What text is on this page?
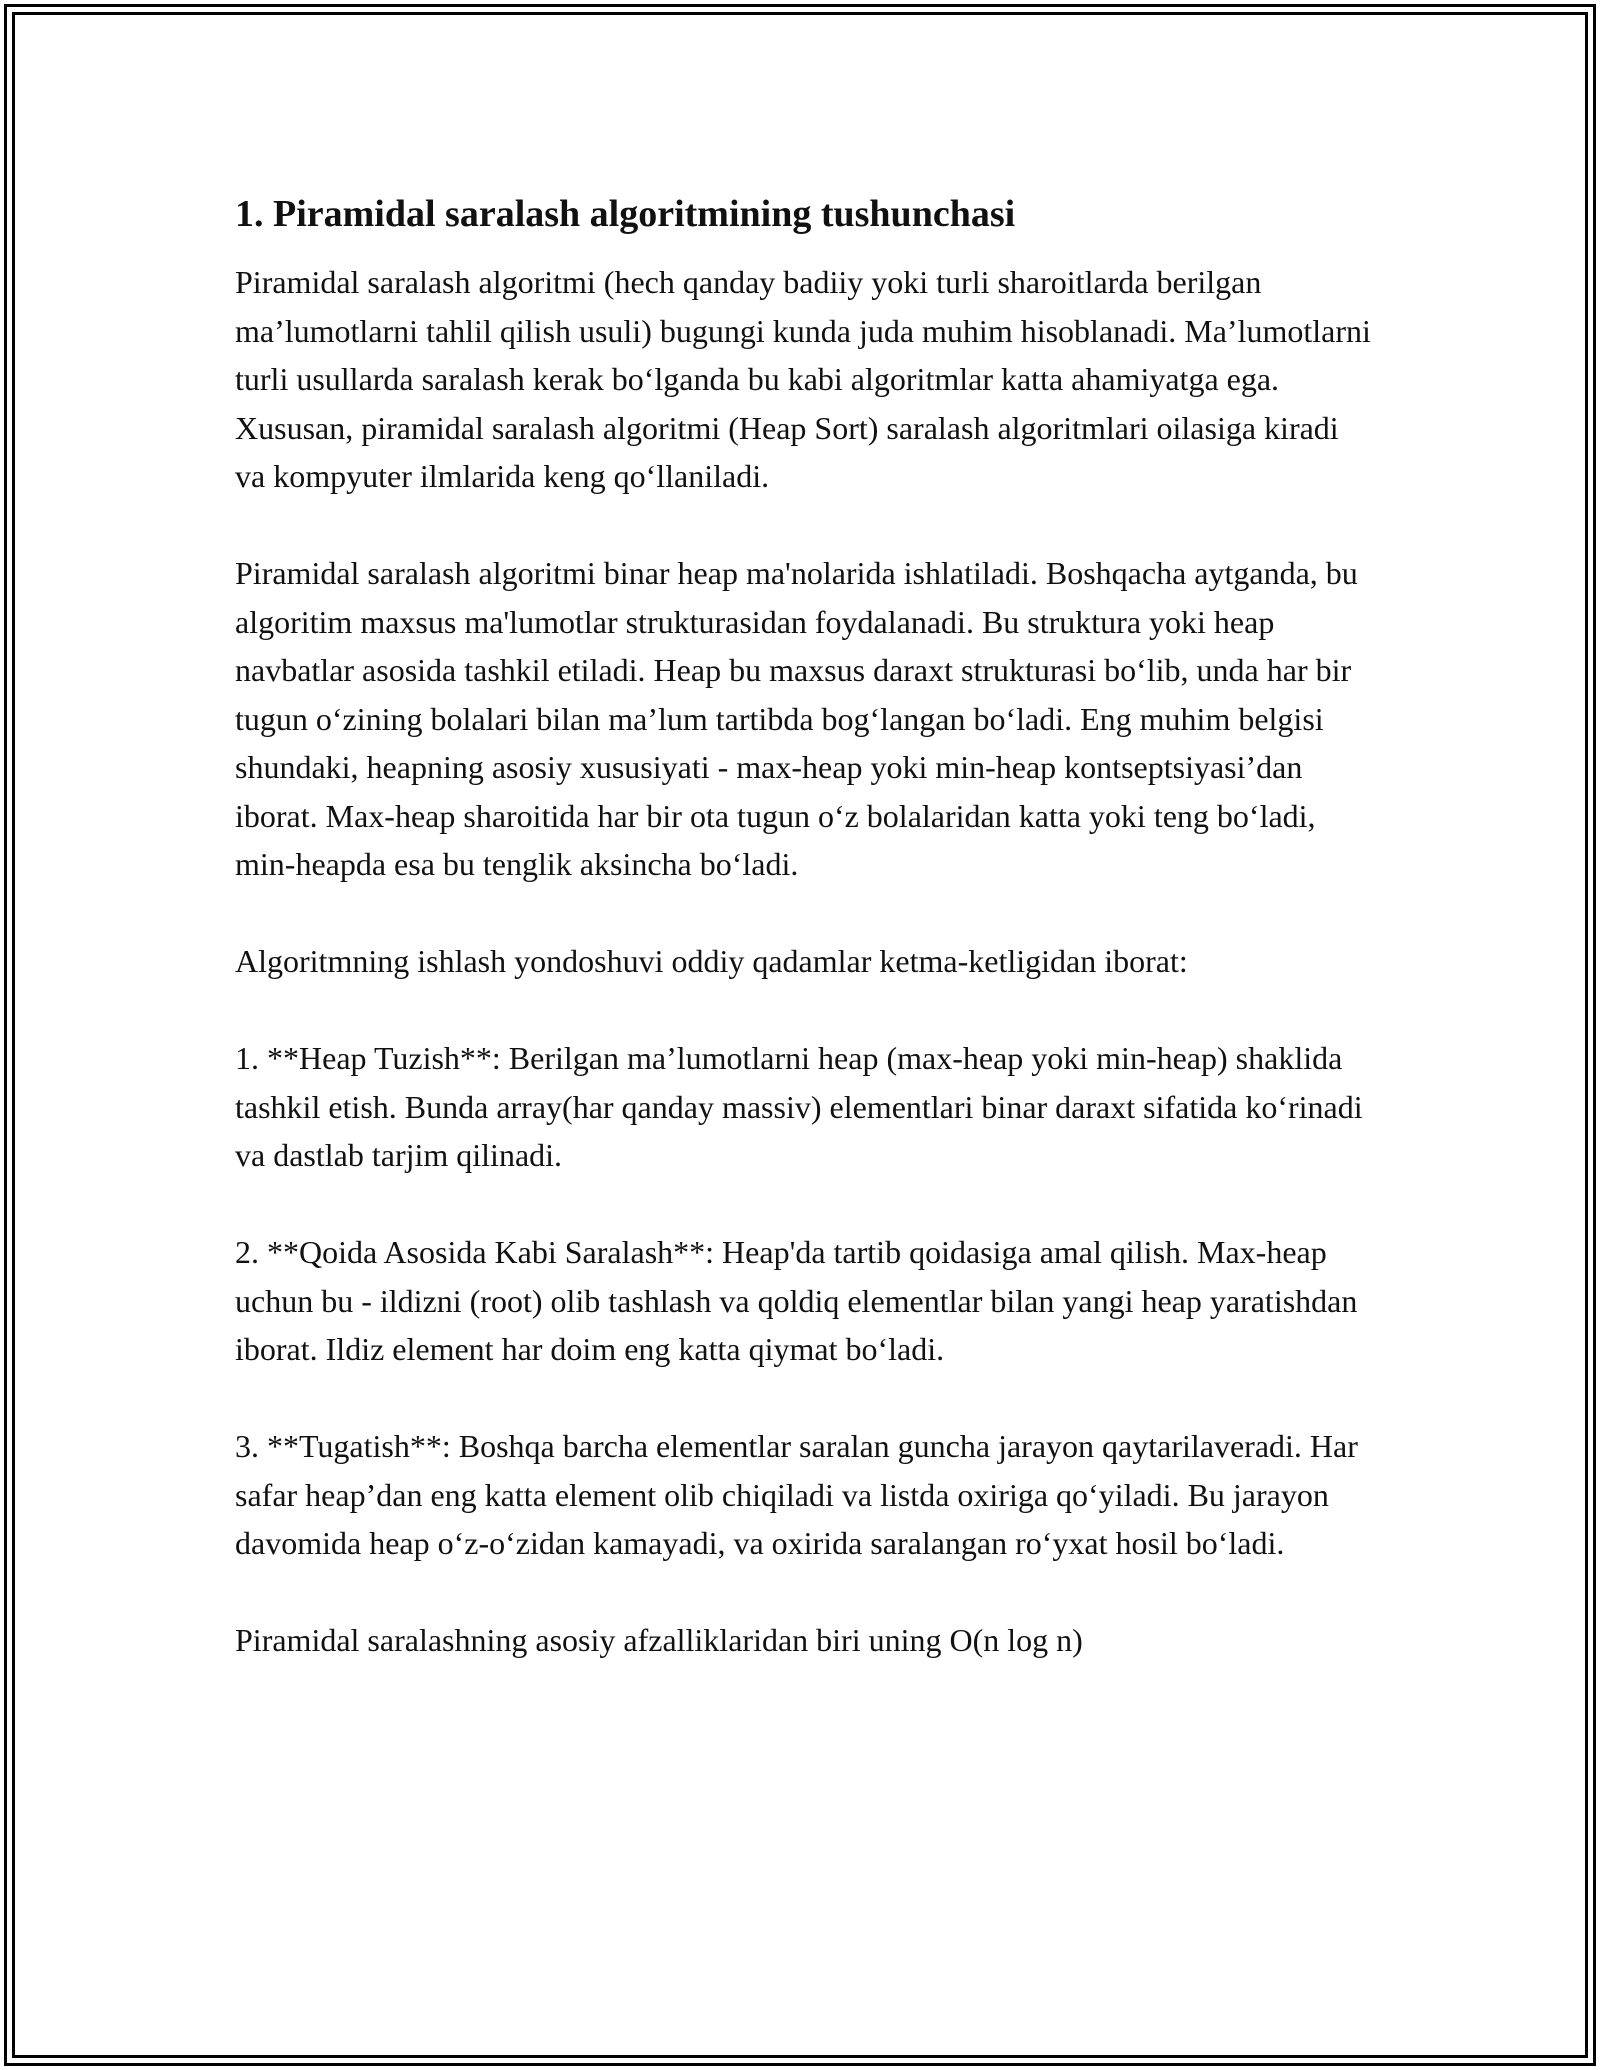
1. Piramidal saralash algoritmining tushunchasi

Piramidal saralash algoritmi (hech qanday badiiy yoki turli sharoitlarda berilgan ma’lumotlarni tahlil qilish usuli) bugungi kunda juda muhim hisoblanadi. Ma’lumotlarni turli usullarda saralash kerak bo‘lganda bu kabi algoritmlar katta ahamiyatga ega. Xususan, piramidal saralash algoritmi (Heap Sort) saralash algoritmlari oilasiga kiradi va kompyuter ilmlarida keng qo‘llaniladi.

Piramidal saralash algoritmi binar heap ma'nolarida ishlatiladi. Boshqacha aytganda, bu algoritim maxsus ma'lumotlar strukturasidan foydalanadi. Bu struktura yoki heap navbatlar asosida tashkil etiladi. Heap bu maxsus daraxt strukturasi bo‘lib, unda har bir tugun o‘zining bolalari bilan ma’lum tartibda bog‘langan bo‘ladi. Eng muhim belgisi shundaki, heapning asosiy xususiyati - max-heap yoki min-heap kontseptsiyasi’dan iborat. Max-heap sharoitida har bir ota tugun o‘z bolalaridan katta yoki teng bo‘ladi, min-heapda esa bu tenglik aksincha bo‘ladi.

Algoritmning ishlash yondoshuvi oddiy qadamlar ketma-ketligidan iborat:

1. **Heap Tuzish**: Berilgan ma’lumotlarni heap (max-heap yoki min-heap) shaklida tashkil etish. Bunda array(har qanday massiv) elementlari binar daraxt sifatida ko‘rinadi va dastlab tarjim qilinadi.

2. **Qoida Asosida Kabi Saralash**: Heap'da tartib qoidasiga amal qilish. Max-heap uchun bu - ildizni (root) olib tashlash va qoldiq elementlar bilan yangi heap yaratishdan iborat. Ildiz element har doim eng katta qiymat bo‘ladi.

3. **Tugatish**: Boshqa barcha elementlar saralan guncha jarayon qaytarilaveradi. Har safar heap’dan eng katta element olib chiqiladi va listda oxiriga qo‘yiladi. Bu jarayon davomida heap o‘z-o‘zidan kamayadi, va oxirida saralangan ro‘yxat hosil bo‘ladi.

Piramidal saralashning asosiy afzalliklaridan biri uning O(n log n)
